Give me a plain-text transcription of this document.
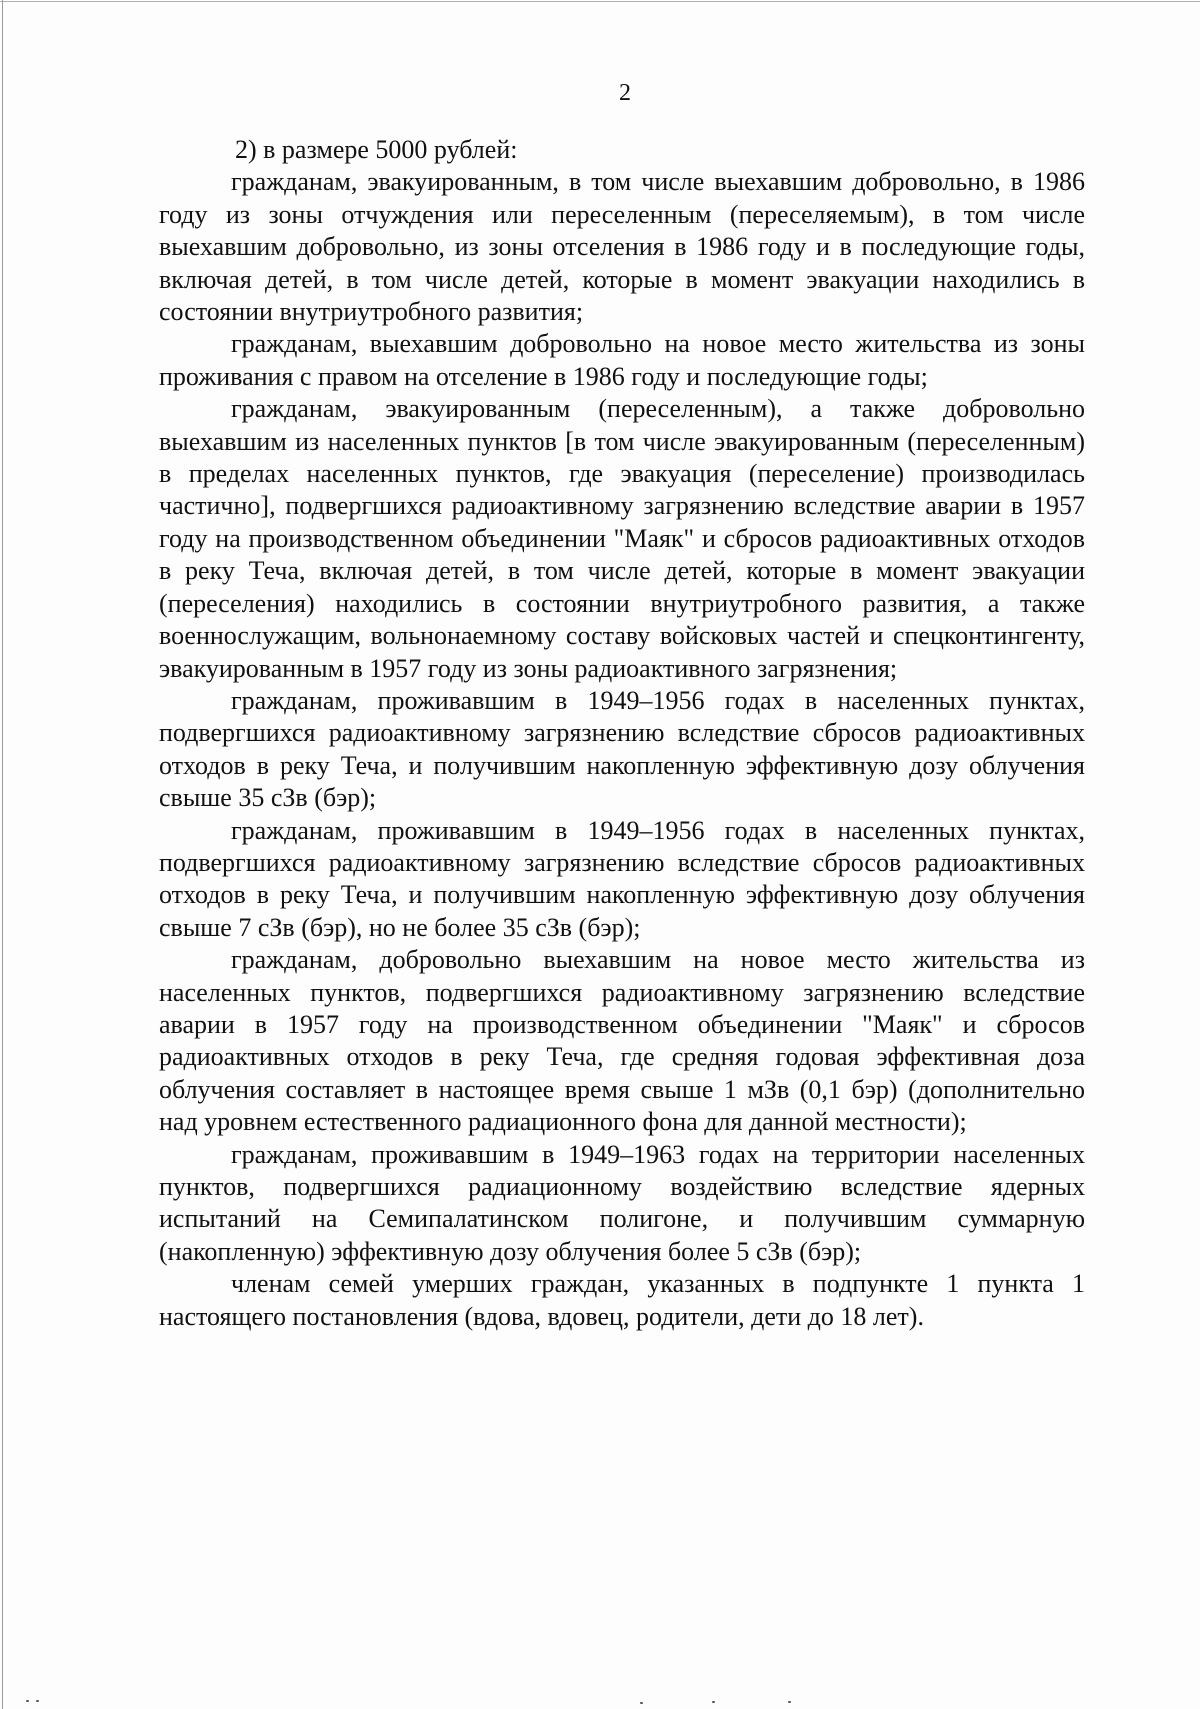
2

2) в размере 5000 рублей:

гражданам, эвакуированным, в том числе выехавшим добровольно, в 1986 году из зоны отчуждения или переселенным (переселяемым), в том числе выехавшим добровольно, из зоны отселения в 1986 году и в последующие годы, включая детей, в том числе детей, которые в момент эвакуации находились в состоянии внутриутробного развития;

гражданам, выехавшим добровольно на новое место жительства из зоны проживания с правом на отселение в 1986 году и последующие годы;

гражданам, эвакуированным (переселенным), а также добровольно выехавшим из населенных пунктов [в том числе эвакуированным (переселенным) в пределах населенных пунктов, где эвакуация (переселение) производилась частично], подвергшихся радиоактивному загрязнению вследствие аварии в 1957 году на производственном объединении "Маяк" и сбросов радиоактивных отходов в реку Теча, включая детей, в том числе детей, которые в момент эвакуации (переселения) находились в состоянии внутриутробного развития, а также военнослужащим, вольнонаемному составу войсковых частей и спецконтингенту, эвакуированным в 1957 году из зоны радиоактивного загрязнения;

гражданам, проживавшим в 1949–1956 годах в населенных пунктах, подвергшихся радиоактивному загрязнению вследствие сбросов радиоактивных отходов в реку Теча, и получившим накопленную эффективную дозу облучения свыше 35 сЗв (бэр);

гражданам, проживавшим в 1949–1956 годах в населенных пунктах, подвергшихся радиоактивному загрязнению вследствие сбросов радиоактивных отходов в реку Теча, и получившим накопленную эффективную дозу облучения свыше 7 сЗв (бэр), но не более 35 сЗв (бэр);

гражданам, добровольно выехавшим на новое место жительства из населенных пунктов, подвергшихся радиоактивному загрязнению вследствие аварии в 1957 году на производственном объединении "Маяк" и сбросов радиоактивных отходов в реку Теча, где средняя годовая эффективная доза облучения составляет в настоящее время свыше 1 мЗв (0,1 бэр) (дополнительно над уровнем естественного радиационного фона для данной местности);

гражданам, проживавшим в 1949–1963 годах на территории населенных пунктов, подвергшихся радиационному воздействию вследствие ядерных испытаний на Семипалатинском полигоне, и получившим суммарную (накопленную) эффективную дозу облучения более 5 сЗв (бэр);

членам семей умерших граждан, указанных в подпункте 1 пункта 1 настоящего постановления (вдова, вдовец, родители, дети до 18 лет).
